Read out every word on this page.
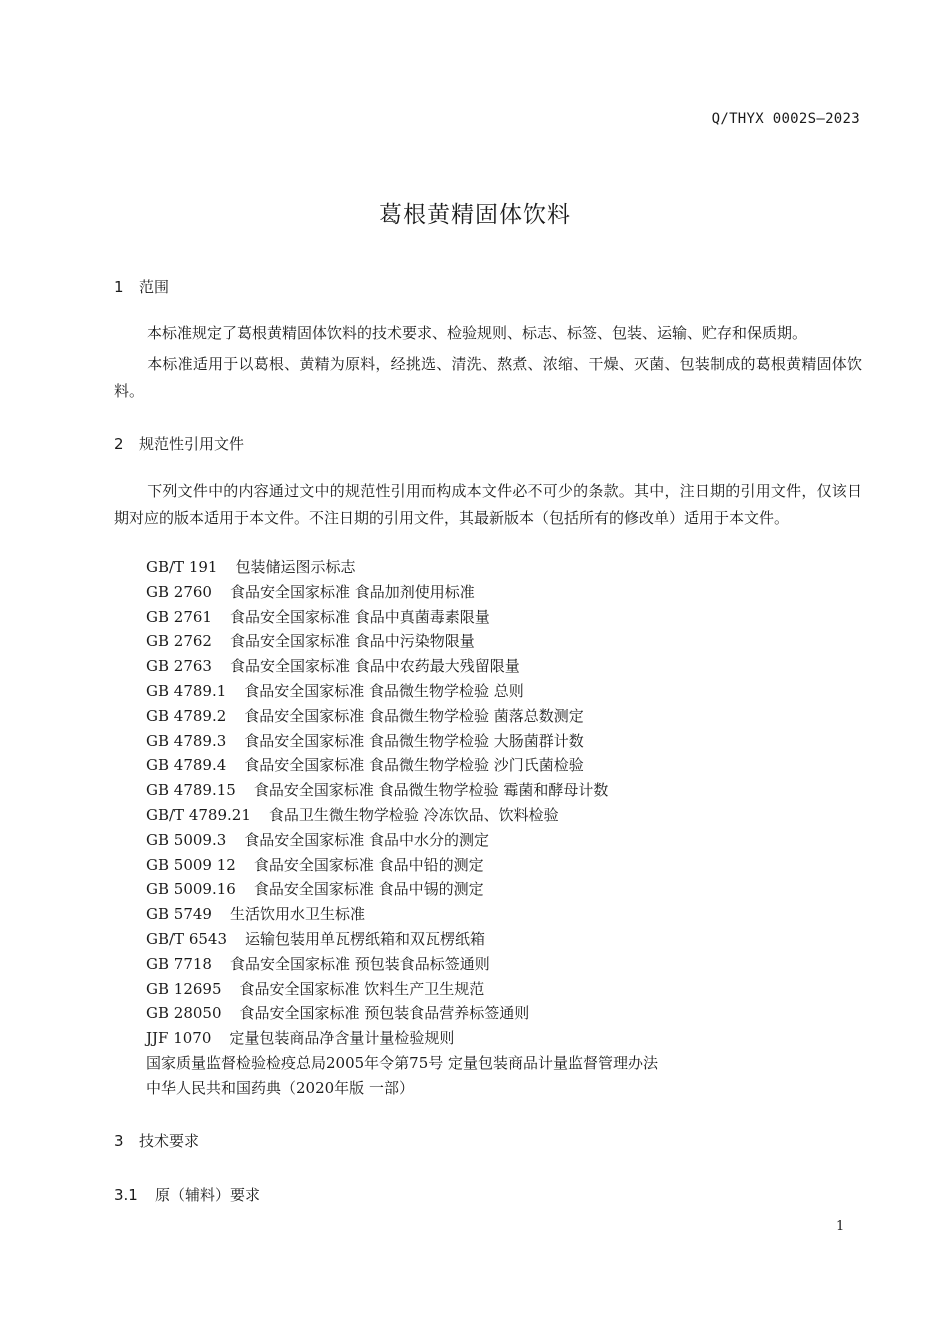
Q/THYX 0002S—2023
葛根黄精固体饮料
1 范围
本标准规定了葛根黄精固体饮料的技术要求、检验规则、标志、标签、包装、运输、贮存和保质期。
本标准适用于以葛根、黄精为原料，经挑选、清洗、熬煮、浓缩、干燥、灭菌、包装制成的葛根黄精固体饮料。
2 规范性引用文件
下列文件中的内容通过文中的规范性引用而构成本文件必不可少的条款。其中，注日期的引用文件，仅该日期对应的版本适用于本文件。不注日期的引用文件，其最新版本（包括所有的修改单）适用于本文件。
GB/T 191 包装储运图示标志
GB 2760 食品安全国家标准 食品加剂使用标准
GB 2761 食品安全国家标准 食品中真菌毒素限量
GB 2762 食品安全国家标准 食品中污染物限量
GB 2763 食品安全国家标准 食品中农药最大残留限量
GB 4789.1 食品安全国家标准 食品微生物学检验 总则
GB 4789.2 食品安全国家标准 食品微生物学检验 菌落总数测定
GB 4789.3 食品安全国家标准 食品微生物学检验 大肠菌群计数
GB 4789.4 食品安全国家标准 食品微生物学检验 沙门氏菌检验
GB 4789.15 食品安全国家标准 食品微生物学检验 霉菌和酵母计数
GB/T 4789.21 食品卫生微生物学检验 冷冻饮品、饮料检验
GB 5009.3 食品安全国家标准 食品中水分的测定
GB 5009 12 食品安全国家标准 食品中铅的测定
GB 5009.16 食品安全国家标准 食品中锡的测定
GB 5749 生活饮用水卫生标准
GB/T 6543 运输包装用单瓦楞纸箱和双瓦楞纸箱
GB 7718 食品安全国家标准 预包装食品标签通则
GB 12695 食品安全国家标准 饮料生产卫生规范
GB 28050 食品安全国家标准 预包装食品营养标签通则
JJF 1070 定量包装商品净含量计量检验规则
国家质量监督检验检疫总局2005年令第75号 定量包装商品计量监督管理办法
中华人民共和国药典（2020年版 一部）
3 技术要求
3.1 原（辅料）要求
1
